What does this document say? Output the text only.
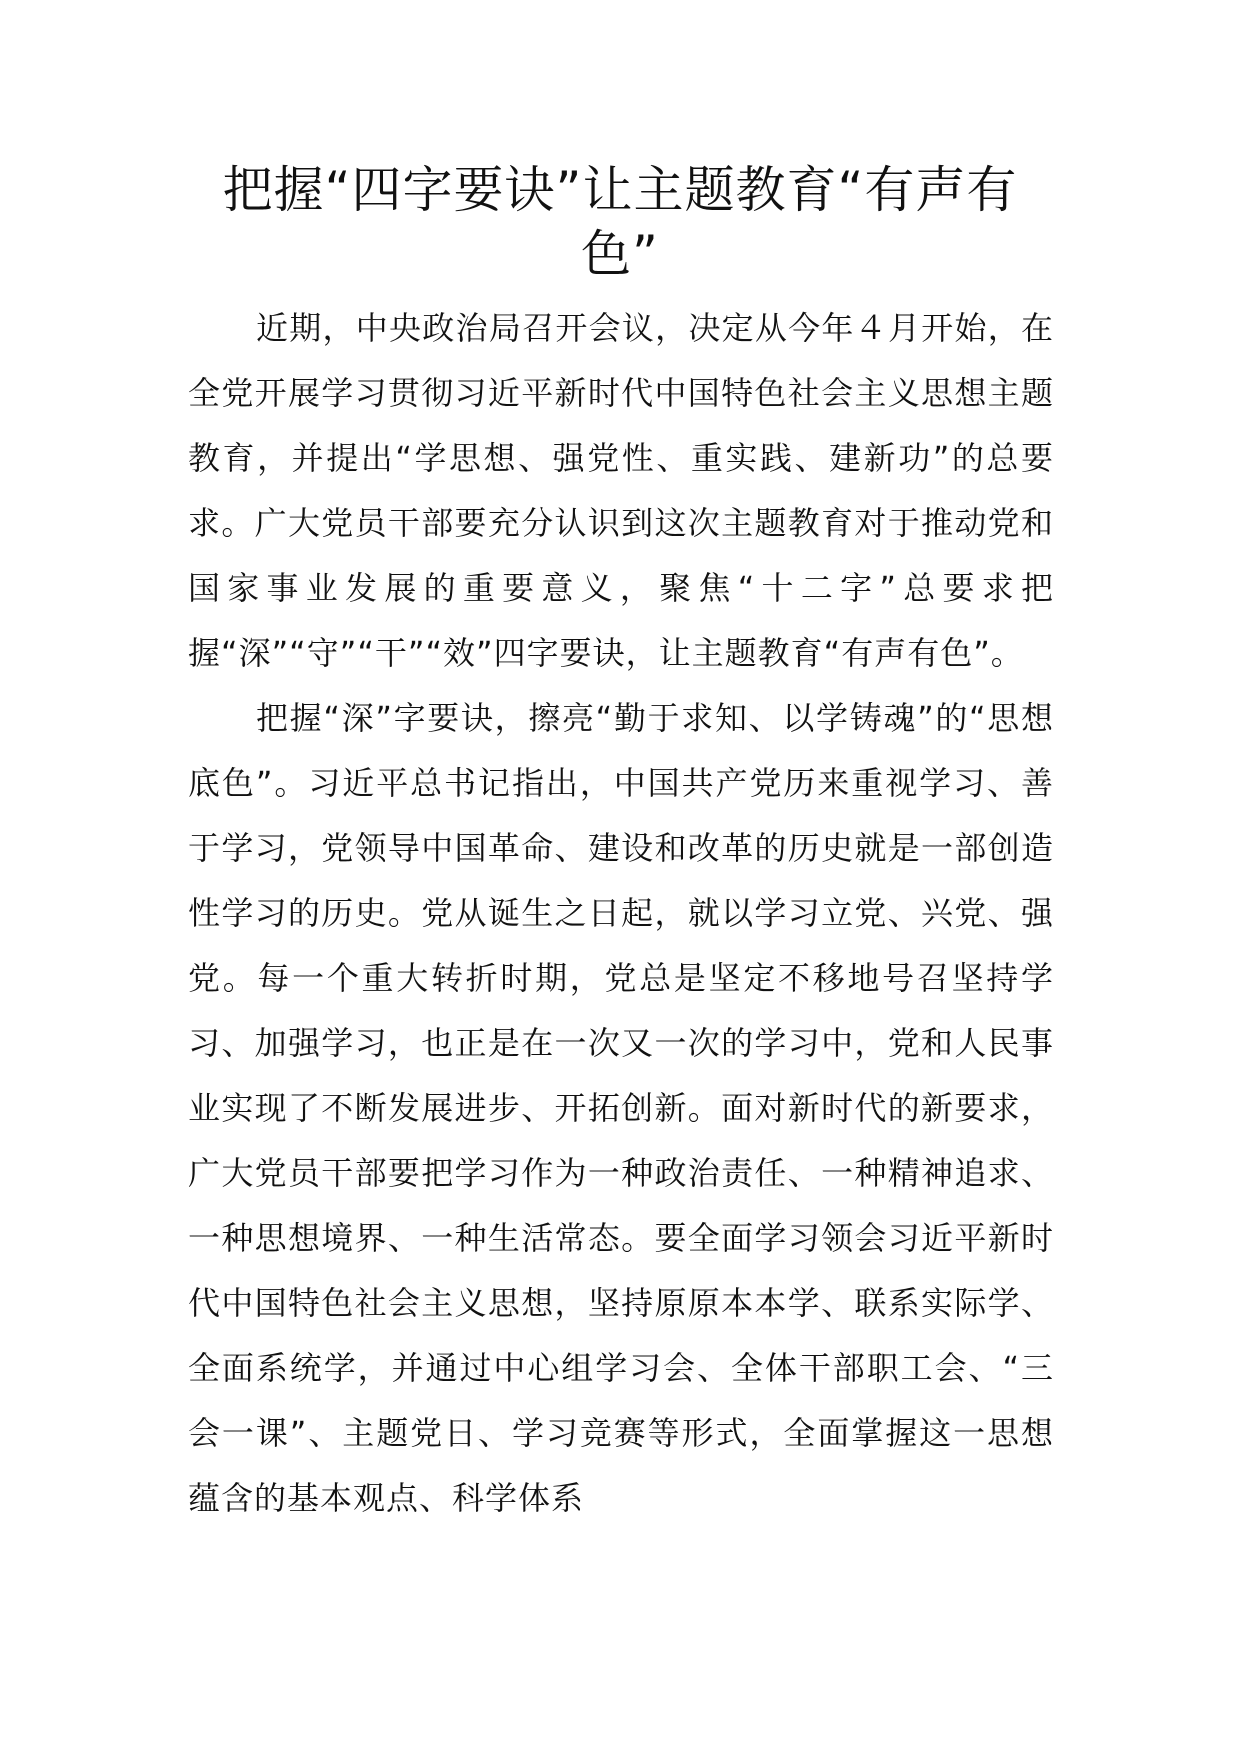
把握“四字要诀”让主题教育“有声有色”

近期，中央政治局召开会议，决定从今年４月开始，在全党开展学习贯彻习近平新时代中国特色社会主义思想主题教育，并提出“学思想、强党性、重实践、建新功”的总要求。广大党员干部要充分认识到这次主题教育对于推动党和国家事业发展的重要意义，聚焦“十二字”总要求把握“深”“守”“干”“效”四字要诀，让主题教育“有声有色”。

把握“深”字要诀，擦亮“勤于求知、以学铸魂”的“思想底色”。习近平总书记指出，中国共产党历来重视学习、善于学习，党领导中国革命、建设和改革的历史就是一部创造性学习的历史。党从诞生之日起，就以学习立党、兴党、强党。每一个重大转折时期，党总是坚定不移地号召坚持学习、加强学习，也正是在一次又一次的学习中，党和人民事业实现了不断发展进步、开拓创新。面对新时代的新要求，广大党员干部要把学习作为一种政治责任、一种精神追求、一种思想境界、一种生活常态。要全面学习领会习近平新时代中国特色社会主义思想，坚持原原本本学、联系实际学、全面系统学，并通过中心组学习会、全体干部职工会、“三会一课”、主题党日、学习竞赛等形式，全面掌握这一思想蕴含的基本观点、科学体系
